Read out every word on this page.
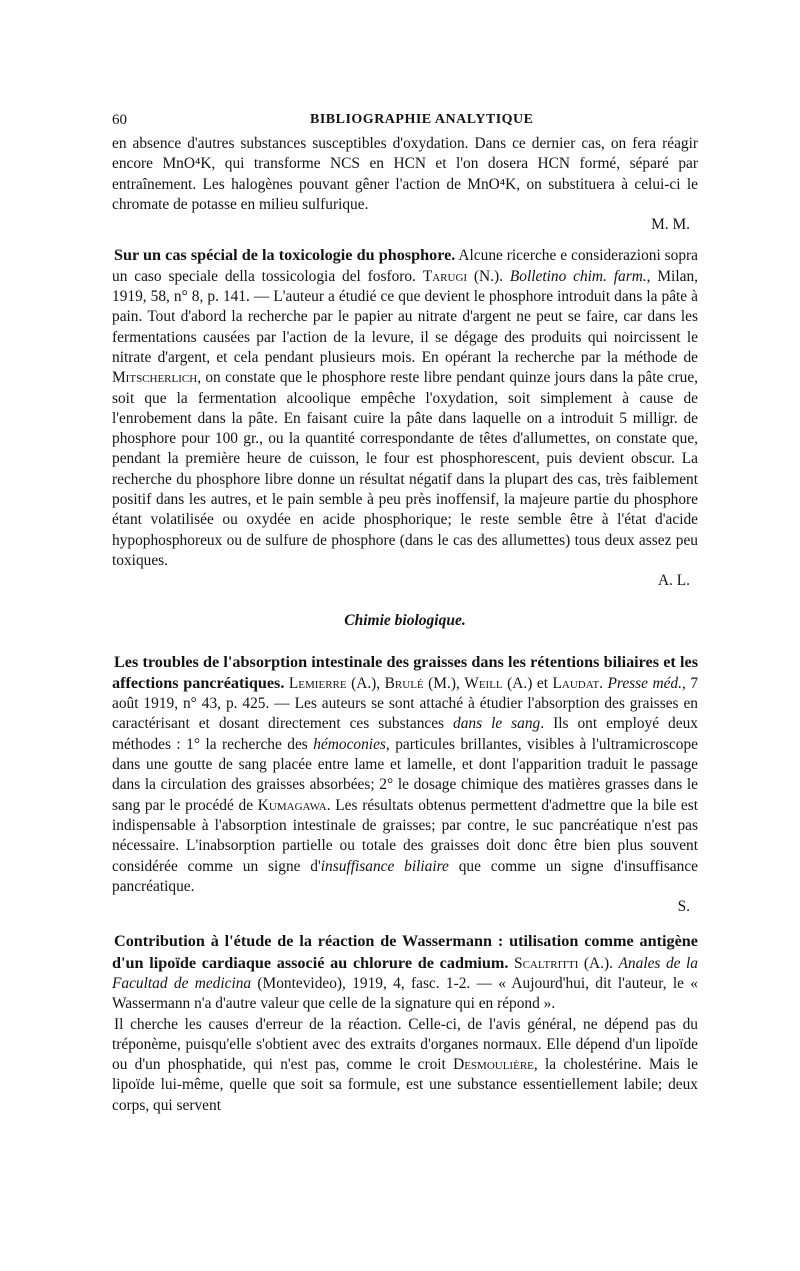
60	BIBLIOGRAPHIE ANALYTIQUE

en absence d'autres substances susceptibles d'oxydation. Dans ce dernier cas, on fera réagir encore MnO⁴K, qui transforme NCS en HCN et l'on dosera HCN formé, séparé par entraînement. Les halogènes pouvant gêner l'action de MnO⁴K, on substituera à celui-ci le chromate de potasse en milieu sulfurique.

M. M.

Sur un cas spécial de la toxicologie du phosphore. Alcune ricerche e considerazioni sopra un caso speciale della tossicologia del fosforo. Tarugi (N.). Bolletino chim. farm., Milan, 1919, 58, n° 8, p. 141. — L'auteur a étudié ce que devient le phosphore introduit dans la pâte à pain. Tout d'abord la recherche par le papier au nitrate d'argent ne peut se faire, car dans les fermentations causées par l'action de la levure, il se dégage des produits qui noircissent le nitrate d'argent, et cela pendant plusieurs mois. En opérant la recherche par la méthode de Mitscherlich, on constate que le phosphore reste libre pendant quinze jours dans la pâte crue, soit que la fermentation alcoolique empêche l'oxydation, soit simplement à cause de l'enrobement dans la pâte. En faisant cuire la pâte dans laquelle on a introduit 5 milligr. de phosphore pour 100 gr., ou la quantité correspondante de têtes d'allumettes, on constate que, pendant la première heure de cuisson, le four est phosphorescent, puis devient obscur. La recherche du phosphore libre donne un résultat négatif dans la plupart des cas, très faiblement positif dans les autres, et le pain semble à peu près inoffensif, la majeure partie du phosphore étant volatilisée ou oxydée en acide phosphorique; le reste semble être à l'état d'acide hypophosphoreux ou de sulfure de phosphore (dans le cas des allumettes) tous deux assez peu toxiques.

A. L.
Chimie biologique.

Les troubles de l'absorption intestinale des graisses dans les rétentions biliaires et les affections pancréatiques. Lemierre (A.), Brulé (M.), Weill (A.) et Laudat. Presse méd., 7 août 1919, n° 43, p. 425. — Les auteurs se sont attaché à étudier l'absorption des graisses en caractérisant et dosant directement ces substances dans le sang. Ils ont employé deux méthodes : 1° la recherche des hémoconies, particules brillantes, visibles à l'ultramicroscope dans une goutte de sang placée entre lame et lamelle, et dont l'apparition traduit le passage dans la circulation des graisses absorbées; 2° le dosage chimique des matières grasses dans le sang par le procédé de Kumagawa. Les résultats obtenus permettent d'admettre que la bile est indispensable à l'absorption intestinale de graisses; par contre, le suc pancréatique n'est pas nécessaire. L'inabsorption partielle ou totale des graisses doit donc être bien plus souvent considérée comme un signe d'insuffisance biliaire que comme un signe d'insuffisance pancréatique.

S.

Contribution à l'étude de la réaction de Wassermann : utilisation comme antigène d'un lipoïde cardiaque associé au chlorure de cadmium. Scaltritti (A.). Anales de la Facultad de medicina (Montevideo), 1919, 4, fasc. 1-2. — « Aujourd'hui, dit l'auteur, le « Wassermann n'a d'autre valeur que celle de la signature qui en répond ».

Il cherche les causes d'erreur de la réaction. Celle-ci, de l'avis général, ne dépend pas du tréponème, puisqu'elle s'obtient avec des extraits d'organes normaux. Elle dépend d'un lipoïde ou d'un phosphatide, qui n'est pas, comme le croit Desmoulière, la cholestérine. Mais le lipoïde lui-même, quelle que soit sa formule, est une substance essentiellement labile; deux corps, qui servent
